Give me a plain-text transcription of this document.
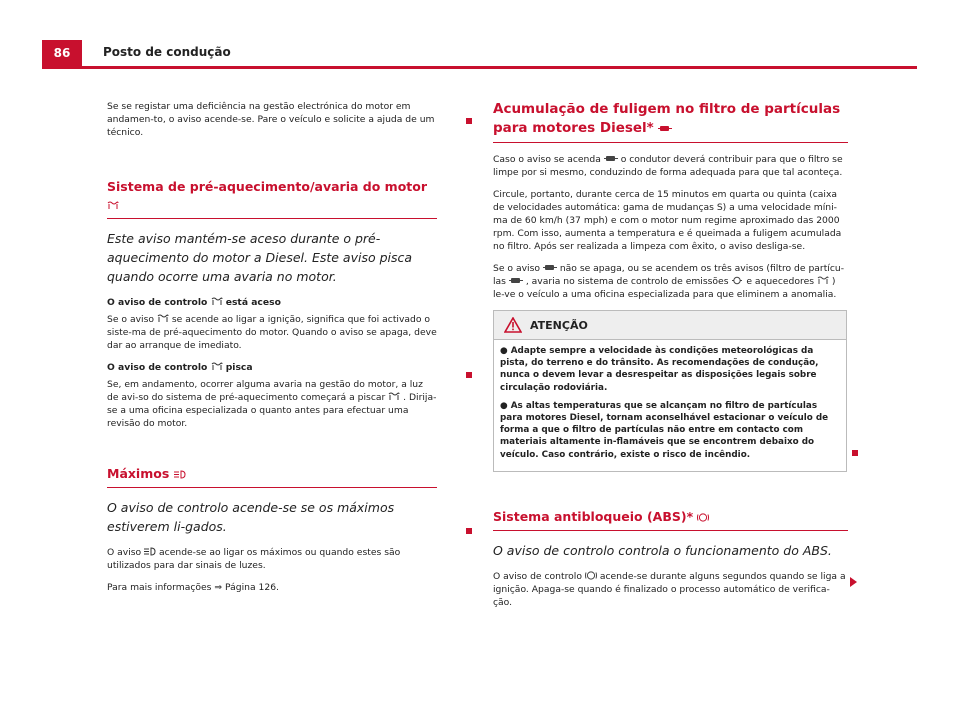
86	Posto de condução

Se se registar uma deficiência na gestão electrónica do motor em andamen-to, o aviso acende-se. Pare o veículo e solicite a ajuda de um técnico.

Sistema de pré-aquecimento/avaria do motor

Este aviso mantém-se aceso durante o pré-aquecimento do motor a Diesel. Este aviso pisca quando ocorre uma avaria no motor.

O aviso de controlo está aceso

Se o aviso se acende ao ligar a ignição, significa que foi activado o siste-ma de pré-aquecimento do motor. Quando o aviso se apaga, deve dar ao arranque de imediato.

O aviso de controlo pisca

Se, em andamento, ocorrer alguma avaria na gestão do motor, a luz de avi-so do sistema de pré-aquecimento começará a piscar . Dirija-se a uma oficina especializada o quanto antes para efectuar uma revisão do motor.

Máximos

O aviso de controlo acende-se se os máximos estiverem li-gados.

O aviso acende-se ao ligar os máximos ou quando estes são utilizados para dar sinais de luzes.

Para mais informações ⇒ Página 126.

Acumulação de fuligem no filtro de partículas para motores Diesel*

Caso o aviso se acenda o condutor deverá contribuir para que o filtro se limpe por si mesmo, conduzindo de forma adequada para que tal aconteça.

Circule, portanto, durante cerca de 15 minutos em quarta ou quinta (caixa de velocidades automática: gama de mudanças S) a uma velocidade míni-ma de 60 km/h (37 mph) e com o motor num regime aproximado das 2000 rpm. Com isso, aumenta a temperatura e é queimada a fuligem acumulada no filtro. Após ser realizada a limpeza com êxito, o aviso desliga-se.

Se o aviso não se apaga, ou se acendem os três avisos (filtro de partícu-las , avaria no sistema de controlo de emissões e aquecedores ) le-ve o veículo a uma oficina especializada para que eliminem a anomalia.

ATENÇÃO

● Adapte sempre a velocidade às condições meteorológicas da pista, do terreno e do trânsito. As recomendações de condução, nunca o devem levar a desrespeitar as disposições legais sobre circulação rodoviária.

● As altas temperaturas que se alcançam no filtro de partículas para motores Diesel, tornam aconselhável estacionar o veículo de forma a que o filtro de partículas não entre em contacto com materiais altamente in-flamáveis que se encontrem debaixo do veículo. Caso contrário, existe o risco de incêndio.

Sistema antibloqueio (ABS)*

O aviso de controlo controla o funcionamento do ABS.

O aviso de controlo acende-se durante alguns segundos quando se liga a ignição. Apaga-se quando é finalizado o processo automático de verifica-ção.
